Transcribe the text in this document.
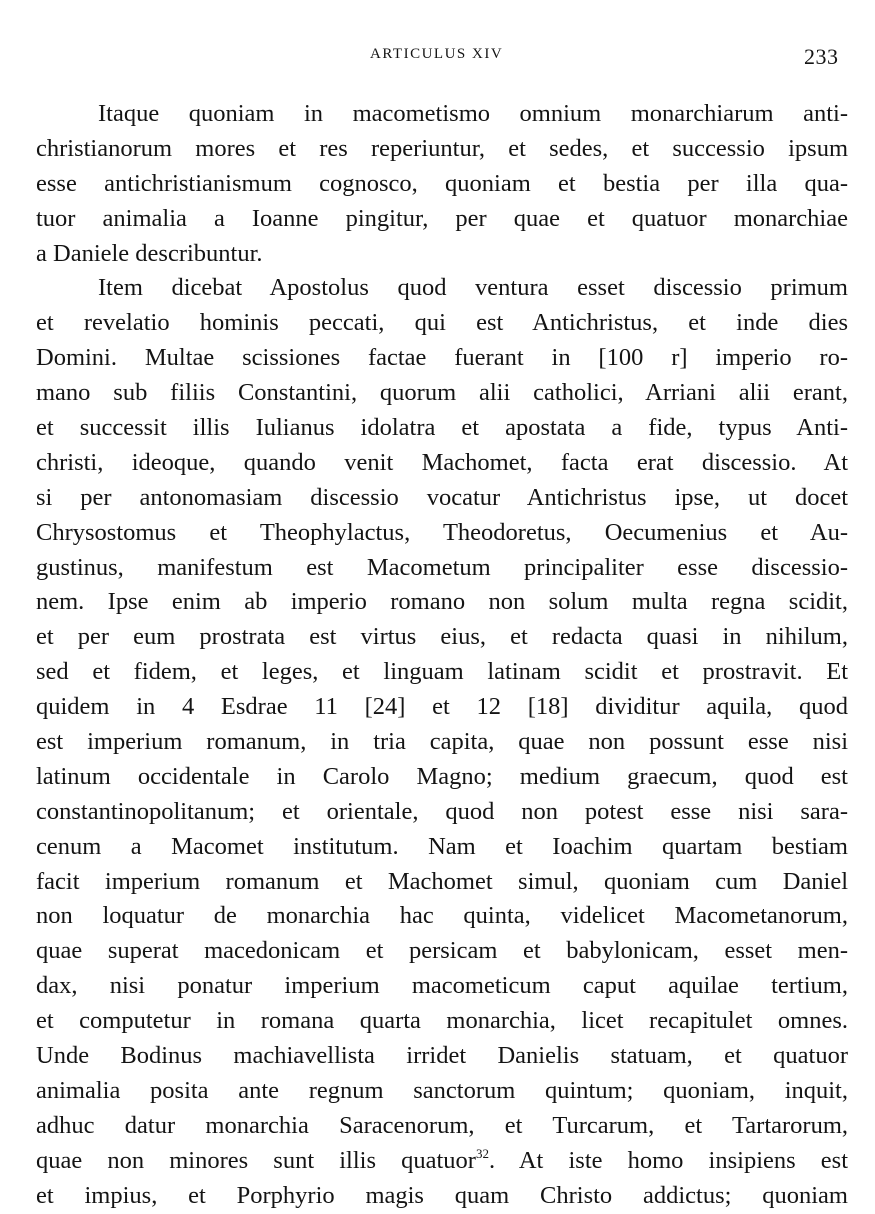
ARTICULUS XIV	233
Itaque quoniam in macometismo omnium monarchiarum anti-
christianorum mores et res reperiuntur, et sedes, et successio ipsum
esse antichristianismum cognosco, quoniam et bestia per illa qua-
tuor animalia a Ioanne pingitur, per quae et quatuor monarchiae
a Daniele describuntur.
Item dicebat Apostolus quod ventura esset discessio primum
et revelatio hominis peccati, qui est Antichristus, et inde dies
Domini. Multae scissiones factae fuerant in [100 r] imperio ro-
mano sub filiis Constantini, quorum alii catholici, Arriani alii erant,
et successit illis Iulianus idolatra et apostata a fide, typus Anti-
christi, ideoque, quando venit Machomet, facta erat discessio. At
si per antonomasiam discessio vocatur Antichristus ipse, ut docet
Chrysostomus et Theophylactus, Theodoretus, Oecumenius et Au-
gustinus, manifestum est Macometum principaliter esse discessio-
nem. Ipse enim ab imperio romano non solum multa regna scidit,
et per eum prostrata est virtus eius, et redacta quasi in nihilum,
sed et fidem, et leges, et linguam latinam scidit et prostravit. Et
quidem in 4 Esdrae 11 [24] et 12 [18] dividitur aquila, quod
est imperium romanum, in tria capita, quae non possunt esse nisi
latinum occidentale in Carolo Magno; medium graecum, quod est
constantinopolitanum; et orientale, quod non potest esse nisi sara-
cenum a Macomet institutum. Nam et Ioachim quartam bestiam
facit imperium romanum et Machomet simul, quoniam cum Daniel
non loquatur de monarchia hac quinta, videlicet Macometanorum,
quae superat macedonicam et persicam et babylonicam, esset men-
dax, nisi ponatur imperium macometicum caput aquilae tertium,
et computetur in romana quarta monarchia, licet recapitulet omnes.
Unde Bodinus machiavellista irridet Danielis statuam, et quatuor
animalia posita ante regnum sanctorum quintum; quoniam, inquit,
adhuc datur monarchia Saracenorum, et Turcarum, et Tartarorum,
quae non minores sunt illis quatuor$^{32}$. At iste homo insipiens est
et impius, et Porphyrio magis quam Christo addictus; quoniam
